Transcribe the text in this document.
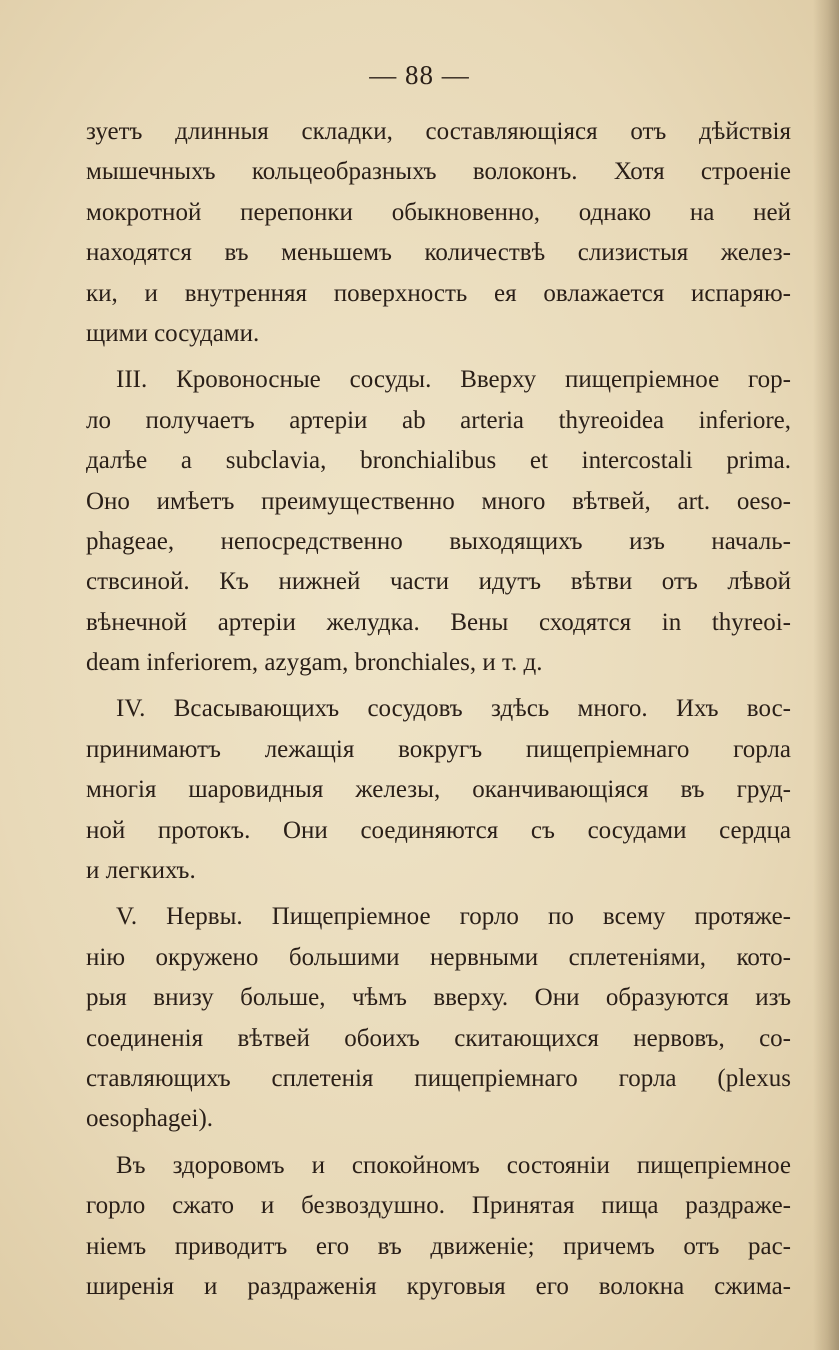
— 88 —
зуетъ длинныя складки, составляющіяся отъ дѣйствія
мышечныхъ кольцеобразныхъ волоконъ. Хотя строеніе
мокротной перепонки обыкновенно, однако на ней
находятся въ меньшемъ количествѣ слизистыя желез-
ки, и внутренняя поверхность ея овлажается испаряю-
щими сосудами.
III. Кровоносные сосуды. Вверху пищепріемное гор-
ло получаетъ артеріи ab arteria thyreoidea inferiore,
далѣе a subclavia, bronchialibus et intercostali prima.
Оно имѣетъ преимущественно много вѣтвей, art. oeso-
phageae, непосредственно выходящихъ изъ началь-
ствсиной. Къ нижней части идутъ вѣтви отъ лѣвой
вѣнечной артеріи желудка. Вены сходятся in thyreoi-
deam inferiorem, azygam, bronchiales, и т. д.
IV. Всасывающихъ сосудовъ здѣсь много. Ихъ вос-
принимаютъ лежащія вокругъ пищепріемнаго горла
многія шаровидныя железы, оканчивающіяся въ груд-
ной протокъ. Они соединяются съ сосудами сердца
и легкихъ.
V. Нервы. Пищепріемное горло по всему протяже-
нію окружено большими нервными сплетеніями, кото-
рыя внизу больше, чѣмъ вверху. Они образуются изъ
соединенія вѣтвей обоихъ скитающихся нервовъ, со-
ставляющихъ сплетенія пищепріемнаго горла (plexus
oesophagei).
Въ здоровомъ и спокойномъ состояніи пищепріемное
горло сжато и безвоздушно. Принятая пища раздраже-
ніемъ приводитъ его въ движеніе; причемъ отъ рас-
ширенія и раздраженія круговыя его волокна сжима-
